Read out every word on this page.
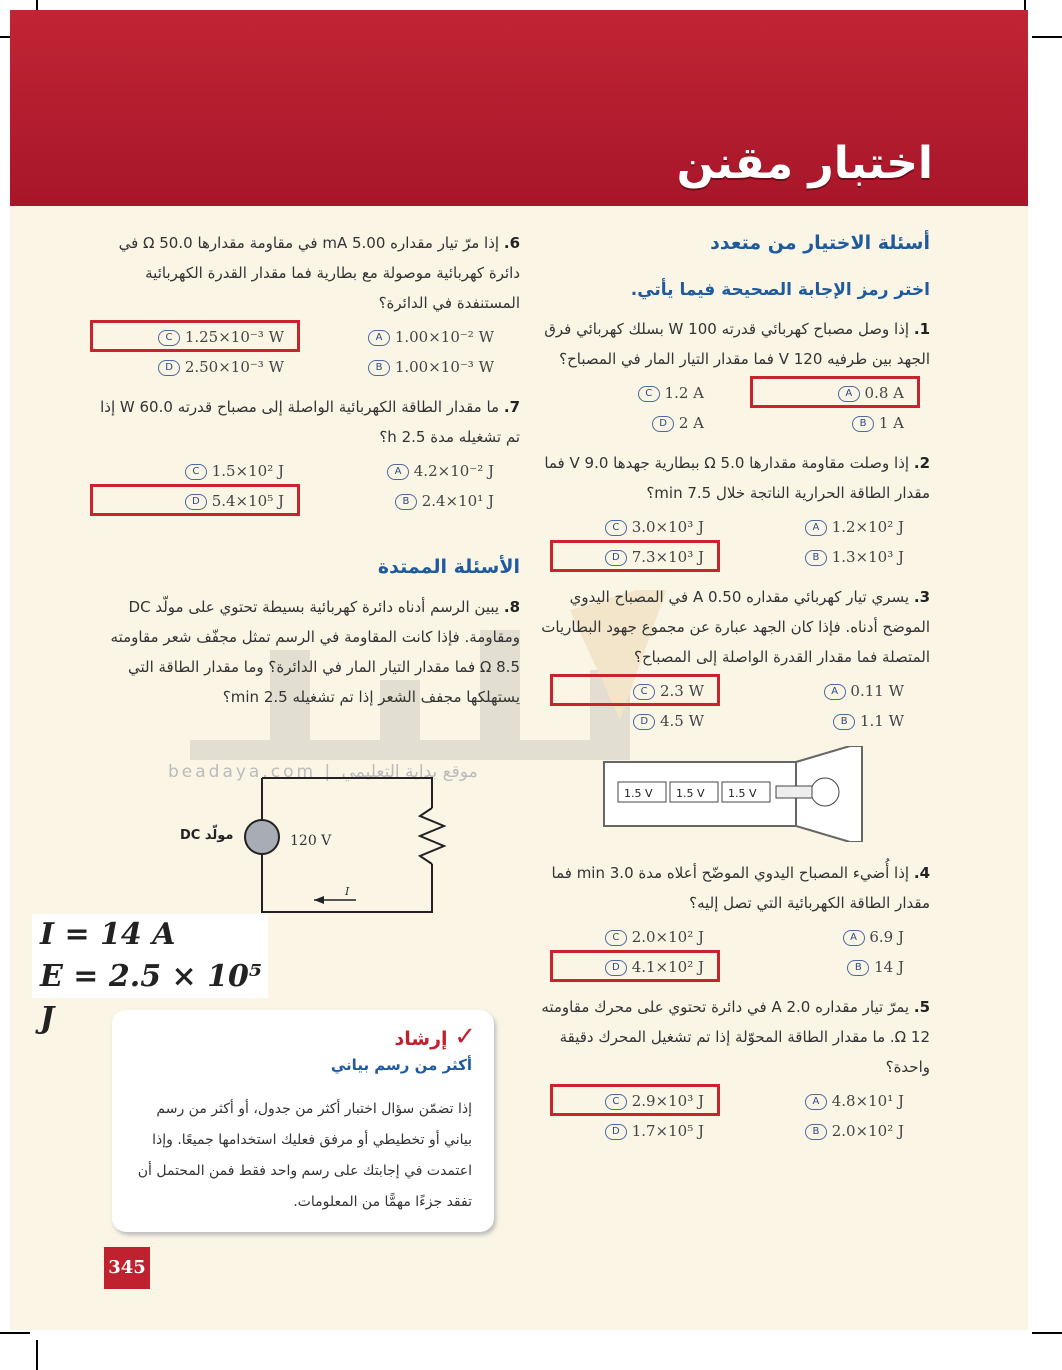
اختبار مقنن
beadaya.com | موقع بداية التعليمي
أسئلة الاختيار من متعدد
اختر رمز الإجابة الصحيحة فيما يأتي.
1. إذا وصل مصباح كهربائي قدرته 100 W بسلك كهربائي فرق الجهد بين طرفيه 120 V فما مقدار التيار المار في المصباح؟
A 0.8 A
C 1.2 A
B 1 A
D 2 A
2. إذا وصلت مقاومة مقدارها 5.0 Ω ببطارية جهدها 9.0 V فما مقدار الطاقة الحرارية الناتجة خلال 7.5 min؟
A 1.2×10² J
C 3.0×10³ J
B 1.3×10³ J
D 7.3×10³ J
3. يسري تيار كهربائي مقداره 0.50 A في المصباح اليدوي الموضح أدناه. فإذا كان الجهد عبارة عن مجموع جهود البطاريات المتصلة فما مقدار القدرة الواصلة إلى المصباح؟
A 0.11 W
C 2.3 W
B 1.1 W
D 4.5 W
1.5 V 1.5 V 1.5 V
4. إذا أُضيء المصباح اليدوي الموضّح أعلاه مدة 3.0 min فما مقدار الطاقة الكهربائية التي تصل إليه؟
A 6.9 J
C 2.0×10² J
B 14 J
D 4.1×10² J
5. يمرّ تيار مقداره 2.0 A في دائرة تحتوي على محرك مقاومته 12 Ω. ما مقدار الطاقة المحوّلة إذا تم تشغيل المحرك دقيقة واحدة؟
A 4.8×10¹ J
C 2.9×10³ J
B 2.0×10² J
D 1.7×10⁵ J
6. إذا مرّ تيار مقداره 5.00 mA في مقاومة مقدارها 50.0 Ω في دائرة كهربائية موصولة مع بطارية فما مقدار القدرة الكهربائية المستنفدة في الدائرة؟
A 1.00×10⁻² W
C 1.25×10⁻³ W
B 1.00×10⁻³ W
D 2.50×10⁻³ W
7. ما مقدار الطاقة الكهربائية الواصلة إلى مصباح قدرته 60.0 W إذا تم تشغيله مدة 2.5 h؟
A 4.2×10⁻² J
C 1.5×10² J
B 2.4×10¹ J
D 5.4×10⁵ J
الأسئلة الممتدة
8. يبين الرسم أدناه دائرة كهربائية بسيطة تحتوي على مولّد DC ومقاومة. فإذا كانت المقاومة في الرسم تمثل مجفّف شعر مقاومته 8.5 Ω فما مقدار التيار المار في الدائرة؟ وما مقدار الطاقة التي يستهلكها مجفف الشعر إذا تم تشغيله 2.5 min؟
120 V
I
مولّد DC
I = 14 A
E = 2.5 × 10⁵ J
✓ إرشاد
أكثر من رسم بياني
إذا تضمّن سؤال اختبار أكثر من جدول، أو أكثر من رسم بياني أو تخطيطي أو مرفق فعليك استخدامها جميعًا. وإذا اعتمدت في إجابتك على رسم واحد فقط فمن المحتمل أن تفقد جزءًا مهمًّا من المعلومات.
345
